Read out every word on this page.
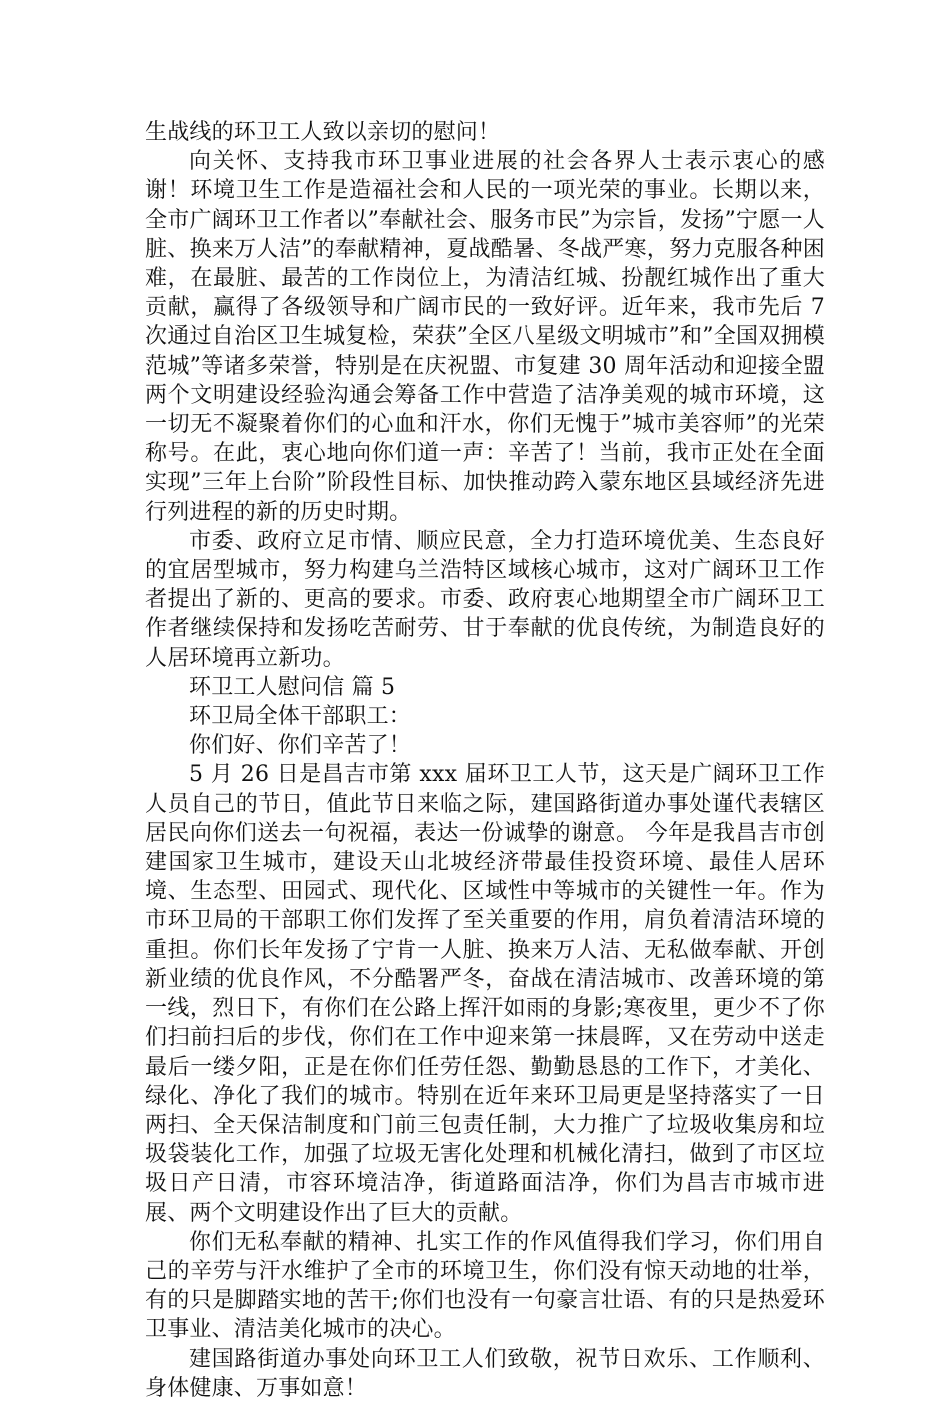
生战线的环卫工人致以亲切的慰问！

向关怀、支持我市环卫事业进展的社会各界人士表示衷心的感谢！环境卫生工作是造福社会和人民的一项光荣的事业。长期以来，全市广阔环卫工作者以”奉献社会、服务市民”为宗旨，发扬”宁愿一人脏、换来万人洁”的奉献精神，夏战酷暑、冬战严寒，努力克服各种困难，在最脏、最苦的工作岗位上，为清洁红城、扮靓红城作出了重大贡献，赢得了各级领导和广阔市民的一致好评。近年来，我市先后 7 次通过自治区卫生城复检，荣获”全区八星级文明城市”和”全国双拥模范城”等诸多荣誉，特别是在庆祝盟、市复建 30 周年活动和迎接全盟两个文明建设经验沟通会筹备工作中营造了洁净美观的城市环境，这一切无不凝聚着你们的心血和汗水，你们无愧于”城市美容师”的光荣称号。在此，衷心地向你们道一声：辛苦了！当前，我市正处在全面实现”三年上台阶”阶段性目标、加快推动跨入蒙东地区县域经济先进行列进程的新的历史时期。

市委、政府立足市情、顺应民意，全力打造环境优美、生态良好的宜居型城市，努力构建乌兰浩特区域核心城市，这对广阔环卫工作者提出了新的、更高的要求。市委、政府衷心地期望全市广阔环卫工作者继续保持和发扬吃苦耐劳、甘于奉献的优良传统，为制造良好的人居环境再立新功。

环卫工人慰问信 篇 5

环卫局全体干部职工：

你们好、你们辛苦了！

5 月 26 日是昌吉市第 xxx 届环卫工人节，这天是广阔环卫工作人员自己的节日，值此节日来临之际，建国路街道办事处谨代表辖区居民向你们送去一句祝福，表达一份诚挚的谢意。 今年是我昌吉市创建国家卫生城市，建设天山北坡经济带最佳投资环境、最佳人居环境、生态型、田园式、现代化、区域性中等城市的关键性一年。作为市环卫局的干部职工你们发挥了至关重要的作用，肩负着清洁环境的重担。你们长年发扬了宁肯一人脏、换来万人洁、无私做奉献、开创新业绩的优良作风，不分酷署严冬，奋战在清洁城市、改善环境的第一线，烈日下，有你们在公路上挥汗如雨的身影;寒夜里，更少不了你们扫前扫后的步伐，你们在工作中迎来第一抹晨晖，又在劳动中送走最后一缕夕阳，正是在你们任劳任怨、勤勤恳恳的工作下，才美化、绿化、净化了我们的城市。特别在近年来环卫局更是坚持落实了一日两扫、全天保洁制度和门前三包责任制，大力推广了垃圾收集房和垃圾袋装化工作，加强了垃圾无害化处理和机械化清扫，做到了市区垃圾日产日清，市容环境洁净，街道路面洁净，你们为昌吉市城市进展、两个文明建设作出了巨大的贡献。

你们无私奉献的精神、扎实工作的作风值得我们学习，你们用自己的辛劳与汗水维护了全市的环境卫生，你们没有惊天动地的壮举，有的只是脚踏实地的苦干;你们也没有一句豪言壮语、有的只是热爱环卫事业、清洁美化城市的决心。

建国路街道办事处向环卫工人们致敬，祝节日欢乐、工作顺利、身体健康、万事如意！
